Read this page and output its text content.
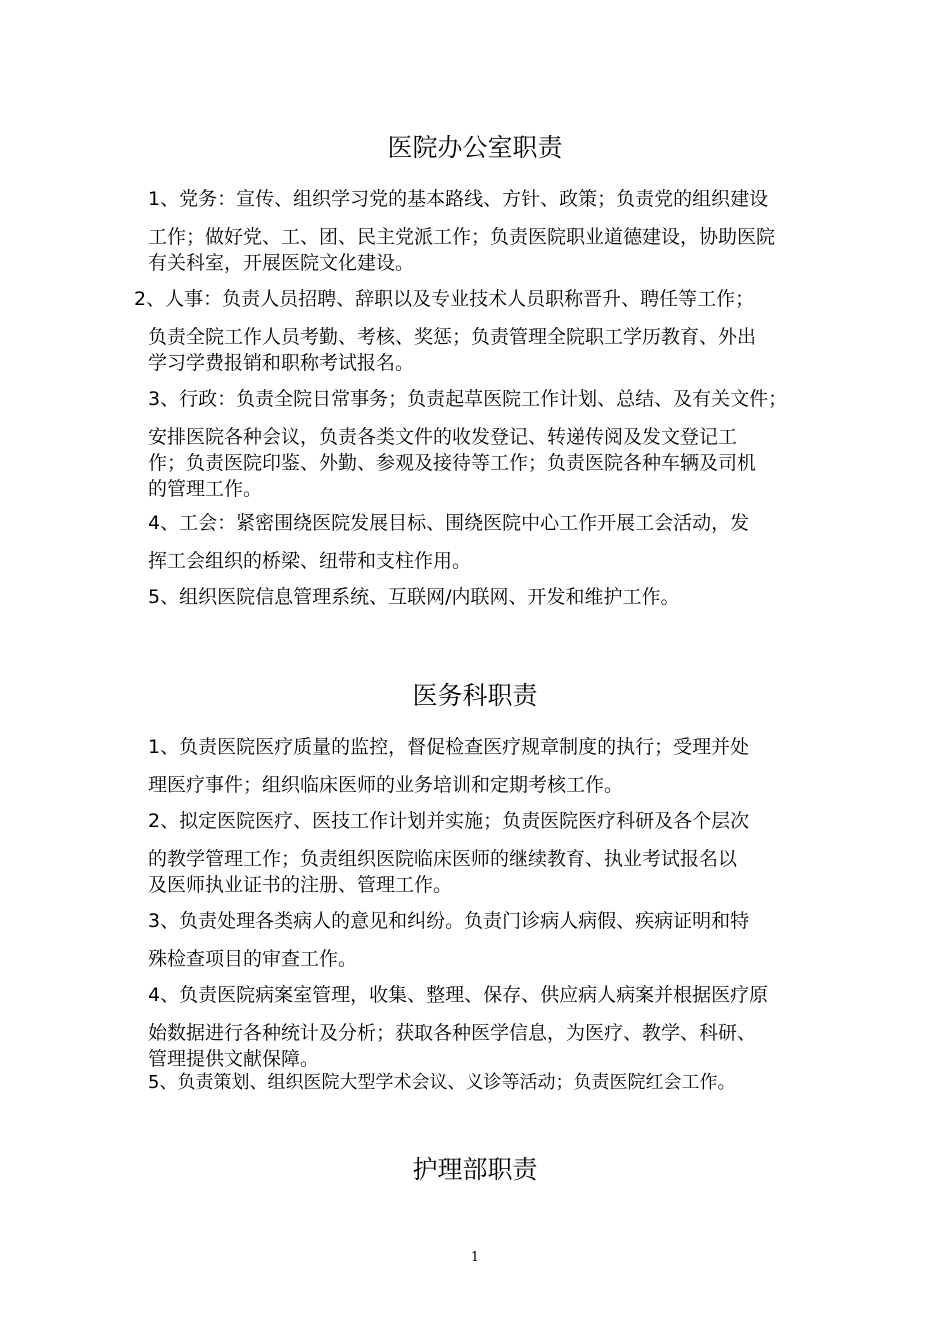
医院办公室职责
1、党务：宣传、组织学习党的基本路线、方针、政策；负责党的组织建设
工作；做好党、工、团、民主党派工作；负责医院职业道德建设，协助医院
有关科室，开展医院文化建设。
2、人事：负责人员招聘、辞职以及专业技术人员职称晋升、聘任等工作；
负责全院工作人员考勤、考核、奖惩；负责管理全院职工学历教育、外出
学习学费报销和职称考试报名。
3、行政：负责全院日常事务；负责起草医院工作计划、总结、及有关文件；
安排医院各种会议，负责各类文件的收发登记、转递传阅及发文登记工
作；负责医院印鉴、外勤、参观及接待等工作；负责医院各种车辆及司机
的管理工作。
4、工会：紧密围绕医院发展目标、围绕医院中心工作开展工会活动，发
挥工会组织的桥梁、纽带和支柱作用。
5、组织医院信息管理系统、互联网/内联网、开发和维护工作。
医务科职责
1、负责医院医疗质量的监控，督促检查医疗规章制度的执行；受理并处
理医疗事件；组织临床医师的业务培训和定期考核工作。
2、拟定医院医疗、医技工作计划并实施；负责医院医疗科研及各个层次
的教学管理工作；负责组织医院临床医师的继续教育、执业考试报名以
及医师执业证书的注册、管理工作。
3、负责处理各类病人的意见和纠纷。负责门诊病人病假、疾病证明和特
殊检查项目的审查工作。
4、负责医院病案室管理，收集、整理、保存、供应病人病案并根据医疗原
始数据进行各种统计及分析；获取各种医学信息，为医疗、教学、科研、
管理提供文献保障。
5、负责策划、组织医院大型学术会议、义诊等活动；负责医院红会工作。
护理部职责
1
